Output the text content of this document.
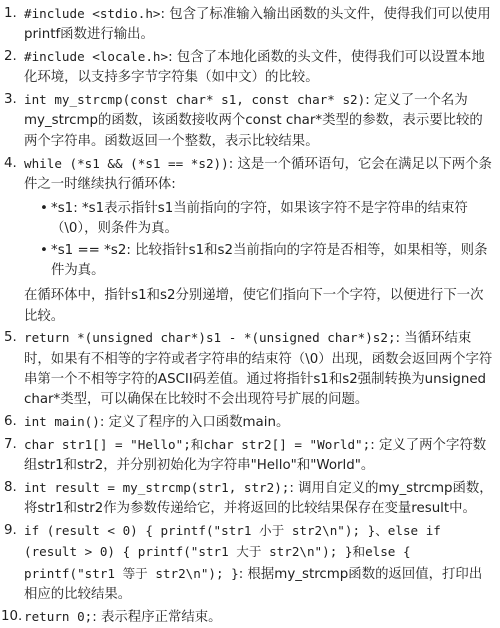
1. #include <stdio.h>: 包含了标准输入输出函数的头文件，使得我们可以使用printf函数进行输出。
2. #include <locale.h>: 包含了本地化函数的头文件，使得我们可以设置本地化环境，以支持多字节字符集（如中文）的比较。
3. int my_strcmp(const char* s1, const char* s2): 定义了一个名为my_strcmp的函数，该函数接收两个const char*类型的参数，表示要比较的两个字符串。函数返回一个整数，表示比较结果。
4. while (*s1 && (*s1 == *s2)): 这是一个循环语句，它会在满足以下两个条件之一时继续执行循环体:
• *s1: *s1表示指针s1当前指向的字符，如果该字符不是字符串的结束符（\0），则条件为真。
• *s1 == *s2: 比较指针s1和s2当前指向的字符是否相等，如果相等，则条件为真。

在循环体中，指针s1和s2分别递增，使它们指向下一个字符，以便进行下一次比较。

5. return *(unsigned char*)s1 - *(unsigned char*)s2;: 当循环结束时，如果有不相等的字符或者字符串的结束符（\0）出现，函数会返回两个字符串第一个不相等字符的ASCII码差值。通过将指针s1和s2强制转换为unsigned char*类型，可以确保在比较时不会出现符号扩展的问题。
6. int main(): 定义了程序的入口函数main。
7. char str1[] = "Hello";和char str2[] = "World";: 定义了两个字符数组str1和str2，并分别初始化为字符串"Hello"和"World"。
8. int result = my_strcmp(str1, str2);: 调用自定义的my_strcmp函数，将str1和str2作为参数传递给它，并将返回的比较结果保存在变量result中。
9. if (result < 0) { printf("str1 小于 str2\n"); }、else if (result > 0) { printf("str1 大于 str2\n"); }和else { printf("str1 等于 str2\n"); }: 根据my_strcmp函数的返回值，打印出相应的比较结果。
10. return 0;: 表示程序正常结束。
